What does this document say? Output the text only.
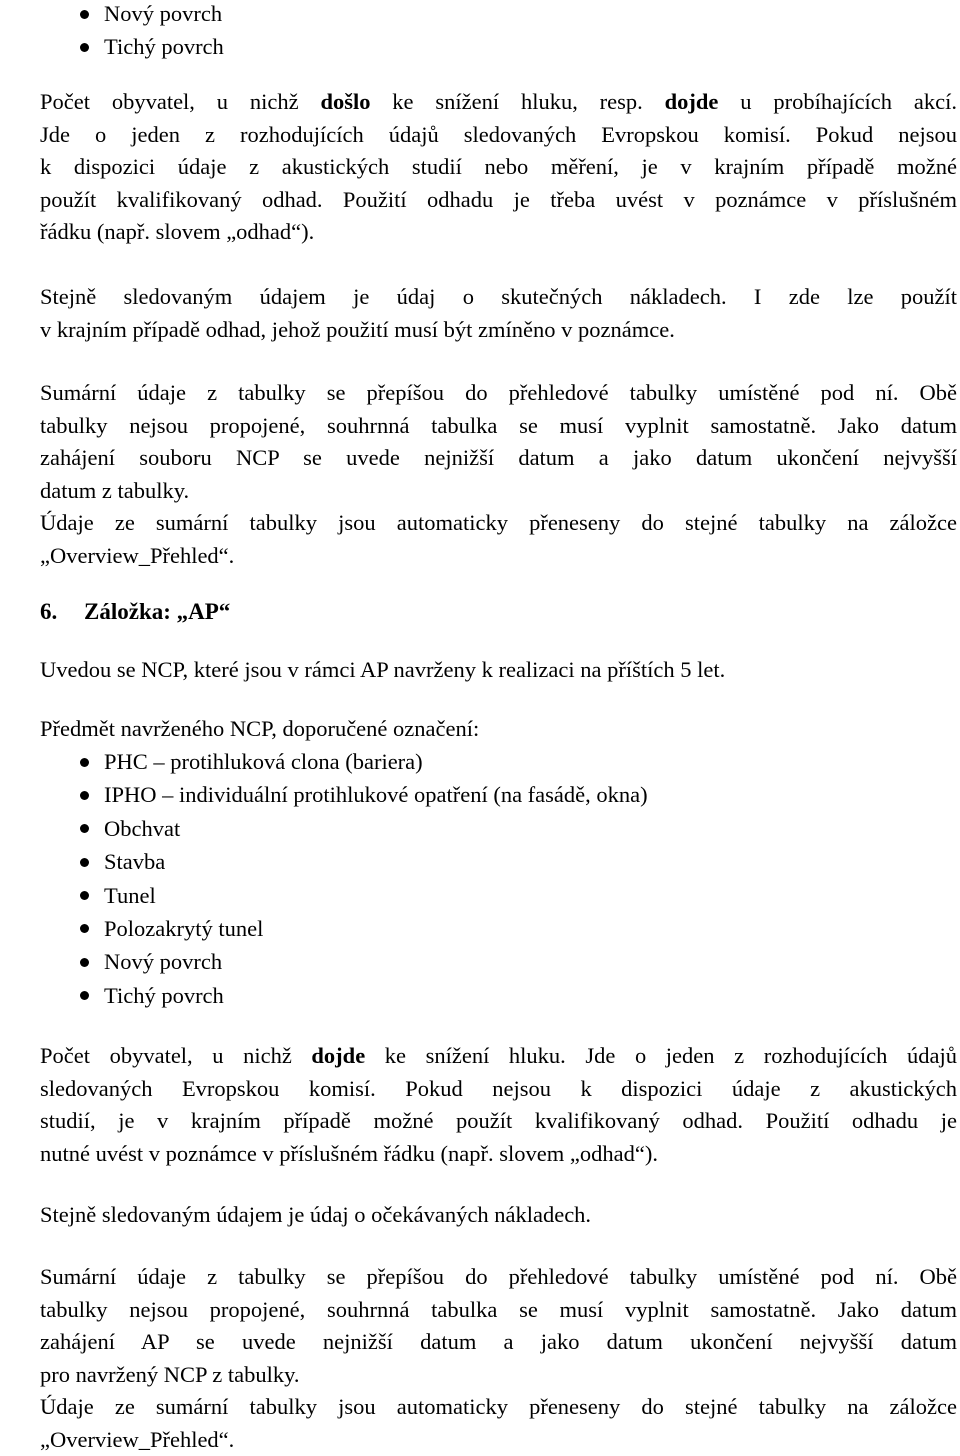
Nový povrch
Tichý povrch
Počet obyvatel, u nichž došlo ke snížení hluku, resp. dojde u probíhajících akcí.
Jde o jeden z rozhodujících údajů sledovaných Evropskou komisí. Pokud nejsou
k dispozici údaje z akustických studií nebo měření, je v krajním případě možné
použít kvalifikovaný odhad. Použití odhadu je třeba uvést v poznámce v příslušném
řádku (např. slovem „odhad“).
Stejně sledovaným údajem je údaj o skutečných nákladech. I zde lze použít
v krajním případě odhad, jehož použití musí být zmíněno v poznámce.
Sumární údaje z tabulky se přepíšou do přehledové tabulky umístěné pod ní. Obě
tabulky nejsou propojené, souhrnná tabulka se musí vyplnit samostatně. Jako datum
zahájení souboru NCP se uvede nejnižší datum a jako datum ukončení nejvyšší
datum z tabulky.
Údaje ze sumární tabulky jsou automaticky přeneseny do stejné tabulky na záložce
„Overview_Přehled“.
6. Záložka: „AP“

Uvedou se NCP, které jsou v rámci AP navrženy k realizaci na příštích 5 let.

Předmět navrženého NCP, doporučené označení:

PHC – protihluková clona (bariera)
IPHO – individuální protihlukové opatření (na fasádě, okna)
Obchvat
Stavba
Tunel
Polozakrytý tunel
Nový povrch
Tichý povrch
Počet obyvatel, u nichž dojde ke snížení hluku. Jde o jeden z rozhodujících údajů
sledovaných Evropskou komisí. Pokud nejsou k dispozici údaje z akustických
studií, je v krajním případě možné použít kvalifikovaný odhad. Použití odhadu je
nutné uvést v poznámce v příslušném řádku (např. slovem „odhad“).

Stejně sledovaným údajem je údaj o očekávaných nákladech.

Sumární údaje z tabulky se přepíšou do přehledové tabulky umístěné pod ní. Obě
tabulky nejsou propojené, souhrnná tabulka se musí vyplnit samostatně. Jako datum
zahájení AP se uvede nejnižší datum a jako datum ukončení nejvyšší datum
pro navržený NCP z tabulky.
Údaje ze sumární tabulky jsou automaticky přeneseny do stejné tabulky na záložce
„Overview_Přehled“.
